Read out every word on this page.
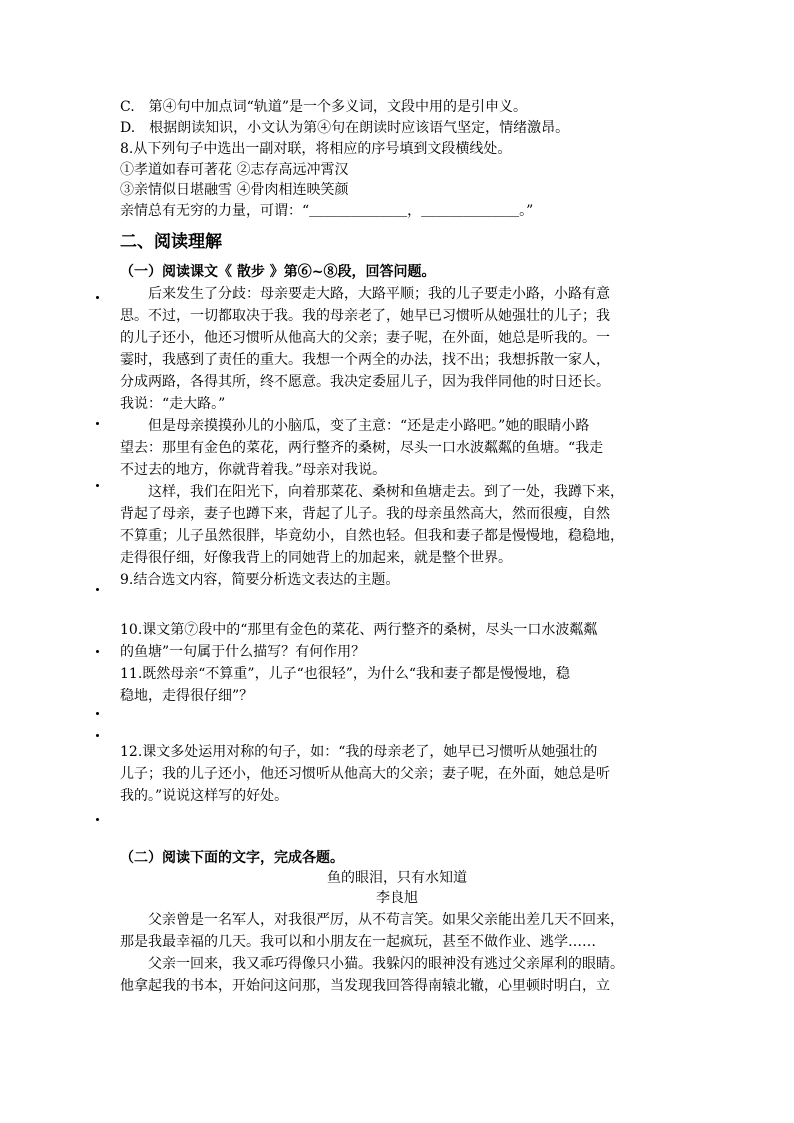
C.　第④句中加点词“轨道”是一个多义词，文段中用的是引申义。
D.　根据朗读知识，小文认为第④句在朗读时应该语气坚定，情绪激昂。
8.从下列句子中选出一副对联，将相应的序号填到文段横线处。
①孝道如春可著花 ②志存高远冲霄汉
③亲情似日堪融雪 ④骨肉相连映笑颜
亲情总有无穷的力量，可谓：“＿＿＿＿＿＿＿，＿＿＿＿＿＿＿。”
二、阅读理解
（一）阅读课文《 散步 》第⑥~⑧段，回答问题。
　　后来发生了分歧：母亲要走大路，大路平顺；我的儿子要走小路，小路有意
思。不过，一切都取决于我。我的母亲老了，她早已习惯听从她强壮的儿子；我
的儿子还小，他还习惯听从他高大的父亲；妻子呢，在外面，她总是听我的。一
霎时，我感到了责任的重大。我想一个两全的办法，找不出；我想拆散一家人，
分成两路，各得其所，终不愿意。我决定委屈儿子，因为我伴同他的时日还长。
我说：“走大路。”
　　但是母亲摸摸孙儿的小脑瓜，变了主意：“还是走小路吧。”她的眼睛小路
望去：那里有金色的菜花，两行整齐的桑树，尽头一口水波粼粼的鱼塘。“我走
不过去的地方，你就背着我。”母亲对我说。
　　这样，我们在阳光下，向着那菜花、桑树和鱼塘走去。到了一处，我蹲下来，
背起了母亲，妻子也蹲下来，背起了儿子。我的母亲虽然高大，然而很瘦，自然
不算重；儿子虽然很胖，毕竟幼小，自然也轻。但我和妻子都是慢慢地，稳稳地，
走得很仔细，好像我背上的同她背上的加起来，就是整个世界。
9.结合选文内容，简要分析选文表达的主题。
10.课文第⑦段中的“那里有金色的菜花、两行整齐的桑树，尽头一口水波粼粼
的鱼塘”一句属于什么描写？有何作用？
11.既然母亲“不算重”，儿子“也很轻”，为什么“我和妻子都是慢慢地，稳
稳地，走得很仔细”？
12.课文多处运用对称的句子，如：“我的母亲老了，她早已习惯听从她强壮的
儿子；我的儿子还小，他还习惯听从他高大的父亲；妻子呢，在外面，她总是听
我的。”说说这样写的好处。
（二）阅读下面的文字，完成各题。
鱼的眼泪，只有水知道
李良旭
　　父亲曾是一名军人，对我很严厉，从不苟言笑。如果父亲能出差几天不回来，
那是我最幸福的几天。我可以和小朋友在一起疯玩，甚至不做作业、逃学……
　　父亲一回来，我又乖巧得像只小猫。我躲闪的眼神没有逃过父亲犀利的眼睛。
他拿起我的书本，开始问这问那，当发现我回答得南辕北辙，心里顿时明白，立
